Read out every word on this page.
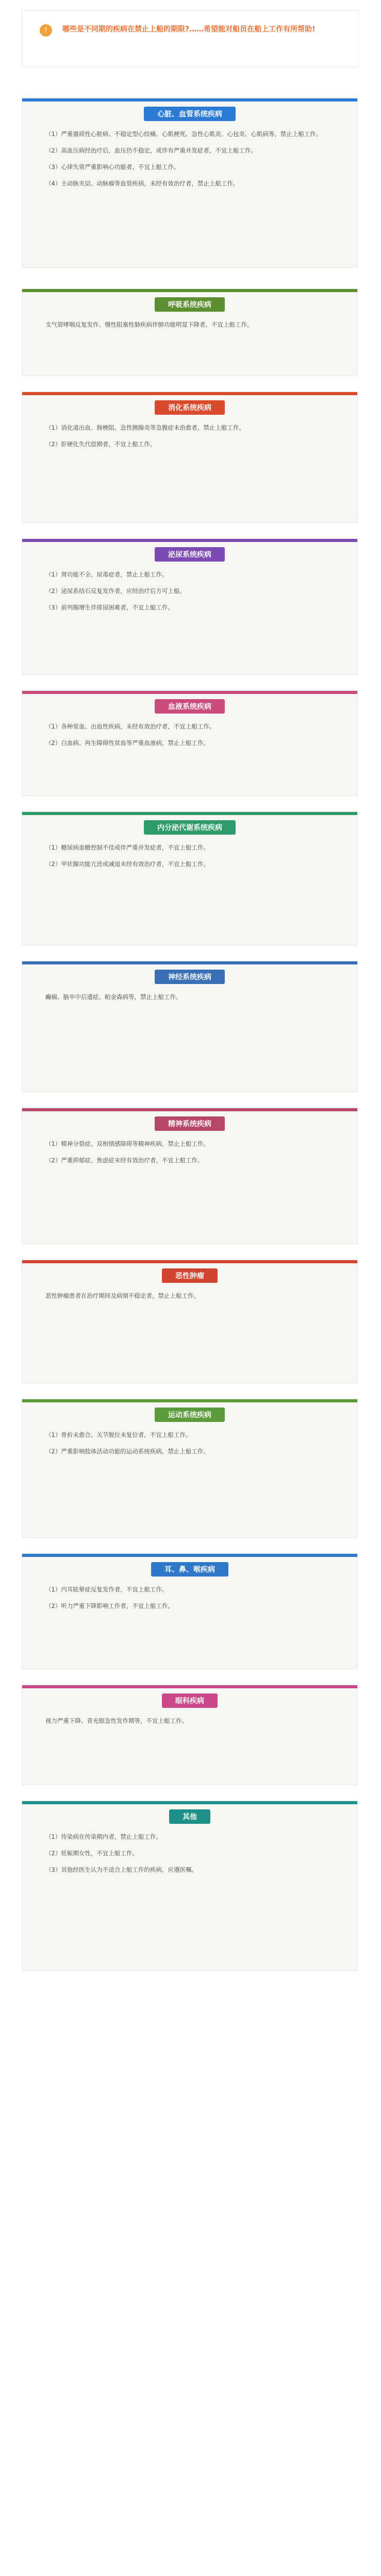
!	哪些是不同期的疾病在禁止上船的期限?……希望能对船员在船上工作有所帮助!
心脏、血管系统疾病

（1）严重器质性心脏病、不稳定型心绞痛、心肌梗死、急性心肌炎、心包炎、心肌病等，禁止上船工作。

（2）高血压病经治疗后，血压仍不稳定，或伴有严重并发症者，不宜上船工作。

（3）心律失常严重影响心功能者，不宜上船工作。

（4）主动脉夹层、动脉瘤等血管疾病，未经有效治疗者，禁止上船工作。

呼吸系统疾病

支气管哮喘反复发作、慢性阻塞性肺疾病伴肺功能明显下降者，不宜上船工作。

消化系统疾病

（1）消化道出血、肠梗阻、急性胰腺炎等急腹症未治愈者，禁止上船工作。

（2）肝硬化失代偿期者，不宜上船工作。

泌尿系统疾病

（1）肾功能不全、尿毒症者，禁止上船工作。

（2）泌尿系结石反复发作者，应经治疗后方可上船。

（3）前列腺增生伴排尿困难者，不宜上船工作。

血液系统疾病

（1）各种贫血、出血性疾病，未经有效治疗者，不宜上船工作。

（2）白血病、再生障碍性贫血等严重血液病，禁止上船工作。

内分泌代谢系统疾病

（1）糖尿病血糖控制不佳或伴严重并发症者，不宜上船工作。

（2）甲状腺功能亢进或减退未经有效治疗者，不宜上船工作。

神经系统疾病

癫痫、脑卒中后遗症、帕金森病等，禁止上船工作。

精神系统疾病

（1）精神分裂症、双相情感障碍等精神疾病，禁止上船工作。

（2）严重抑郁症、焦虑症未经有效治疗者，不宜上船工作。

恶性肿瘤

恶性肿瘤患者在治疗期间及病情不稳定者，禁止上船工作。

运动系统疾病

（1）骨折未愈合、关节脱位未复位者，不宜上船工作。

（2）严重影响肢体活动功能的运动系统疾病，禁止上船工作。

耳、鼻、喉疾病

（1）内耳眩晕症反复发作者，不宜上船工作。

（2）听力严重下降影响工作者，不宜上船工作。

眼科疾病

视力严重下降、青光眼急性发作期等，不宜上船工作。

其他

（1）传染病在传染期内者，禁止上船工作。

（2）妊娠期女性，不宜上船工作。

（3）其他经医生认为不适合上船工作的疾病，应遵医嘱。
